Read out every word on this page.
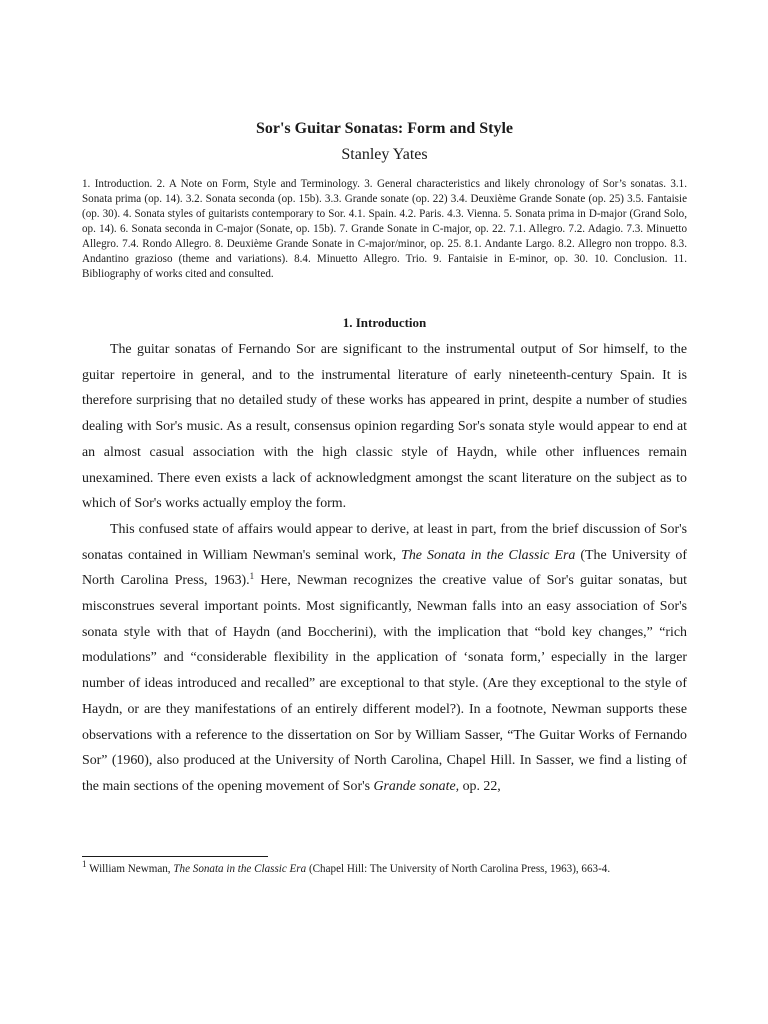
Sor's Guitar Sonatas: Form and Style
Stanley Yates

1. Introduction. 2. A Note on Form, Style and Terminology. 3. General characteristics and likely chronology of Sor’s sonatas. 3.1. Sonata prima (op. 14). 3.2. Sonata seconda (op. 15b). 3.3. Grande sonate (op. 22) 3.4. Deuxième Grande Sonate (op. 25) 3.5. Fantaisie (op. 30). 4. Sonata styles of guitarists contemporary to Sor. 4.1. Spain. 4.2. Paris. 4.3. Vienna. 5. Sonata prima in D-major (Grand Solo, op. 14). 6. Sonata seconda in C-major (Sonate, op. 15b). 7. Grande Sonate in C-major, op. 22. 7.1. Allegro. 7.2. Adagio. 7.3. Minuetto Allegro. 7.4. Rondo Allegro. 8. Deuxième Grande Sonate in C-major/minor, op. 25. 8.1. Andante Largo. 8.2. Allegro non troppo. 8.3. Andantino grazioso (theme and variations). 8.4. Minuetto Allegro. Trio. 9. Fantaisie in E-minor, op. 30. 10. Conclusion. 11. Bibliography of works cited and consulted.

1. Introduction

The guitar sonatas of Fernando Sor are significant to the instrumental output of Sor himself, to the guitar repertoire in general, and to the instrumental literature of early nineteenth-century Spain. It is therefore surprising that no detailed study of these works has appeared in print, despite a number of studies dealing with Sor's music. As a result, consensus opinion regarding Sor's sonata style would appear to end at an almost casual association with the high classic style of Haydn, while other influences remain unexamined. There even exists a lack of acknowledgment amongst the scant literature on the subject as to which of Sor's works actually employ the form.

This confused state of affairs would appear to derive, at least in part, from the brief discussion of Sor's sonatas contained in William Newman's seminal work, The Sonata in the Classic Era (The University of North Carolina Press, 1963).$^1$ Here, Newman recognizes the creative value of Sor's guitar sonatas, but misconstrues several important points. Most significantly, Newman falls into an easy association of Sor's sonata style with that of Haydn (and Boccherini), with the implication that “bold key changes,” “rich modulations” and “considerable flexibility in the application of ‘sonata form,’ especially in the larger number of ideas introduced and recalled” are exceptional to that style. (Are they exceptional to the style of Haydn, or are they manifestations of an entirely different model?). In a footnote, Newman supports these observations with a reference to the dissertation on Sor by William Sasser, “The Guitar Works of Fernando Sor” (1960), also produced at the University of North Carolina, Chapel Hill. In Sasser, we find a listing of the main sections of the opening movement of Sor's Grande sonate, op. 22,

$^1$ William Newman, The Sonata in the Classic Era (Chapel Hill: The University of North Carolina Press, 1963), 663-4.
